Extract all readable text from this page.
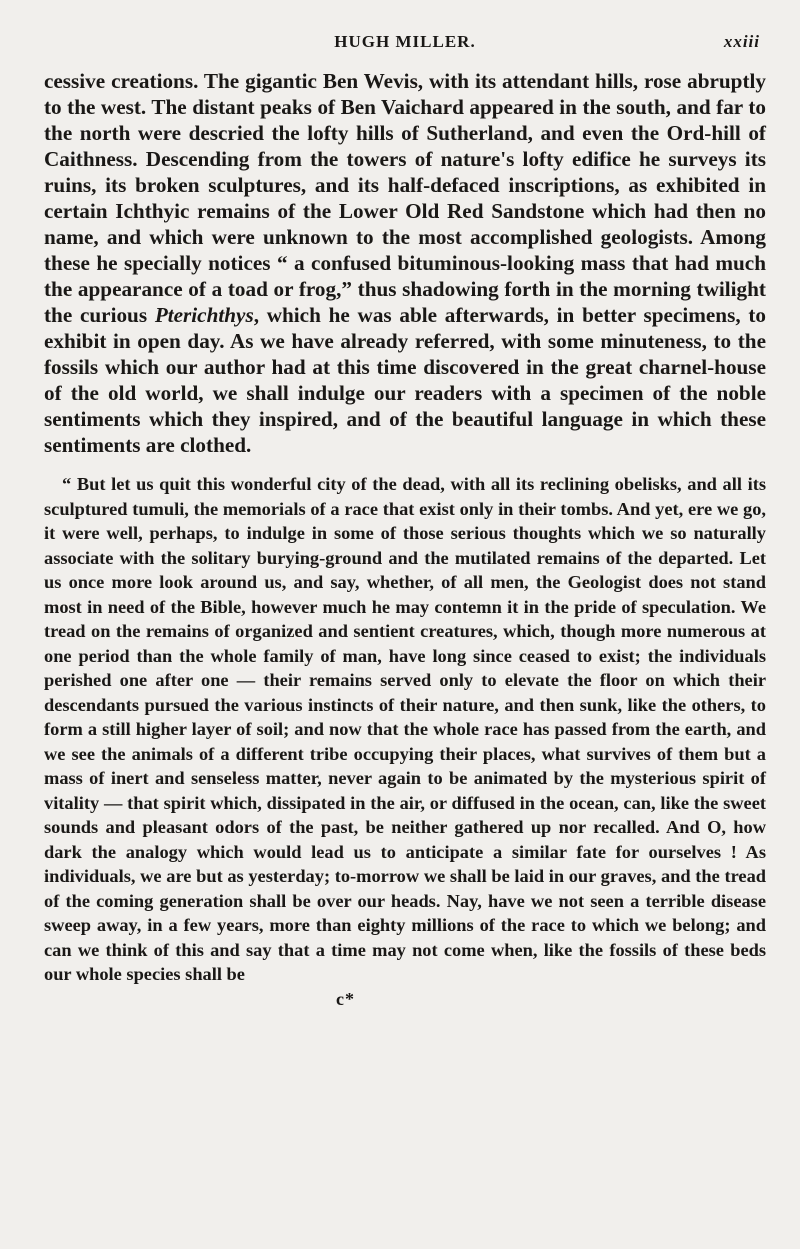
HUGH MILLER.	xxiii

cessive creations. The gigantic Ben Wevis, with its attendant hills, rose abruptly to the west. The distant peaks of Ben Vaichard appeared in the south, and far to the north were descried the lofty hills of Sutherland, and even the Ord-hill of Caithness. Descending from the towers of nature's lofty edifice he surveys its ruins, its broken sculptures, and its half-defaced inscriptions, as exhibited in certain Ichthyic remains of the Lower Old Red Sandstone which had then no name, and which were unknown to the most accomplished geologists. Among these he specially notices “ a confused bituminous-looking mass that had much the appearance of a toad or frog,” thus shadowing forth in the morning twilight the curious Pterichthys, which he was able afterwards, in better specimens, to exhibit in open day. As we have already referred, with some minuteness, to the fossils which our author had at this time discovered in the great charnel-house of the old world, we shall indulge our readers with a specimen of the noble sentiments which they inspired, and of the beautiful language in which these sentiments are clothed.

“ But let us quit this wonderful city of the dead, with all its reclining obelisks, and all its sculptured tumuli, the memorials of a race that exist only in their tombs. And yet, ere we go, it were well, perhaps, to indulge in some of those serious thoughts which we so naturally associate with the solitary burying-ground and the mutilated remains of the departed. Let us once more look around us, and say, whether, of all men, the Geologist does not stand most in need of the Bible, however much he may contemn it in the pride of speculation. We tread on the remains of organized and sentient creatures, which, though more numerous at one period than the whole family of man, have long since ceased to exist; the individuals perished one after one — their remains served only to elevate the floor on which their descendants pursued the various instincts of their nature, and then sunk, like the others, to form a still higher layer of soil; and now that the whole race has passed from the earth, and we see the animals of a different tribe occupying their places, what survives of them but a mass of inert and senseless matter, never again to be animated by the mysterious spirit of vitality — that spirit which, dissipated in the air, or diffused in the ocean, can, like the sweet sounds and pleasant odors of the past, be neither gathered up nor recalled. And O, how dark the analogy which would lead us to anticipate a similar fate for ourselves ! As individuals, we are but as yesterday; to-morrow we shall be laid in our graves, and the tread of the coming generation shall be over our heads. Nay, have we not seen a terrible disease sweep away, in a few years, more than eighty millions of the race to which we belong; and can we think of this and say that a time may not come when, like the fossils of these beds our whole species shall be

c*
